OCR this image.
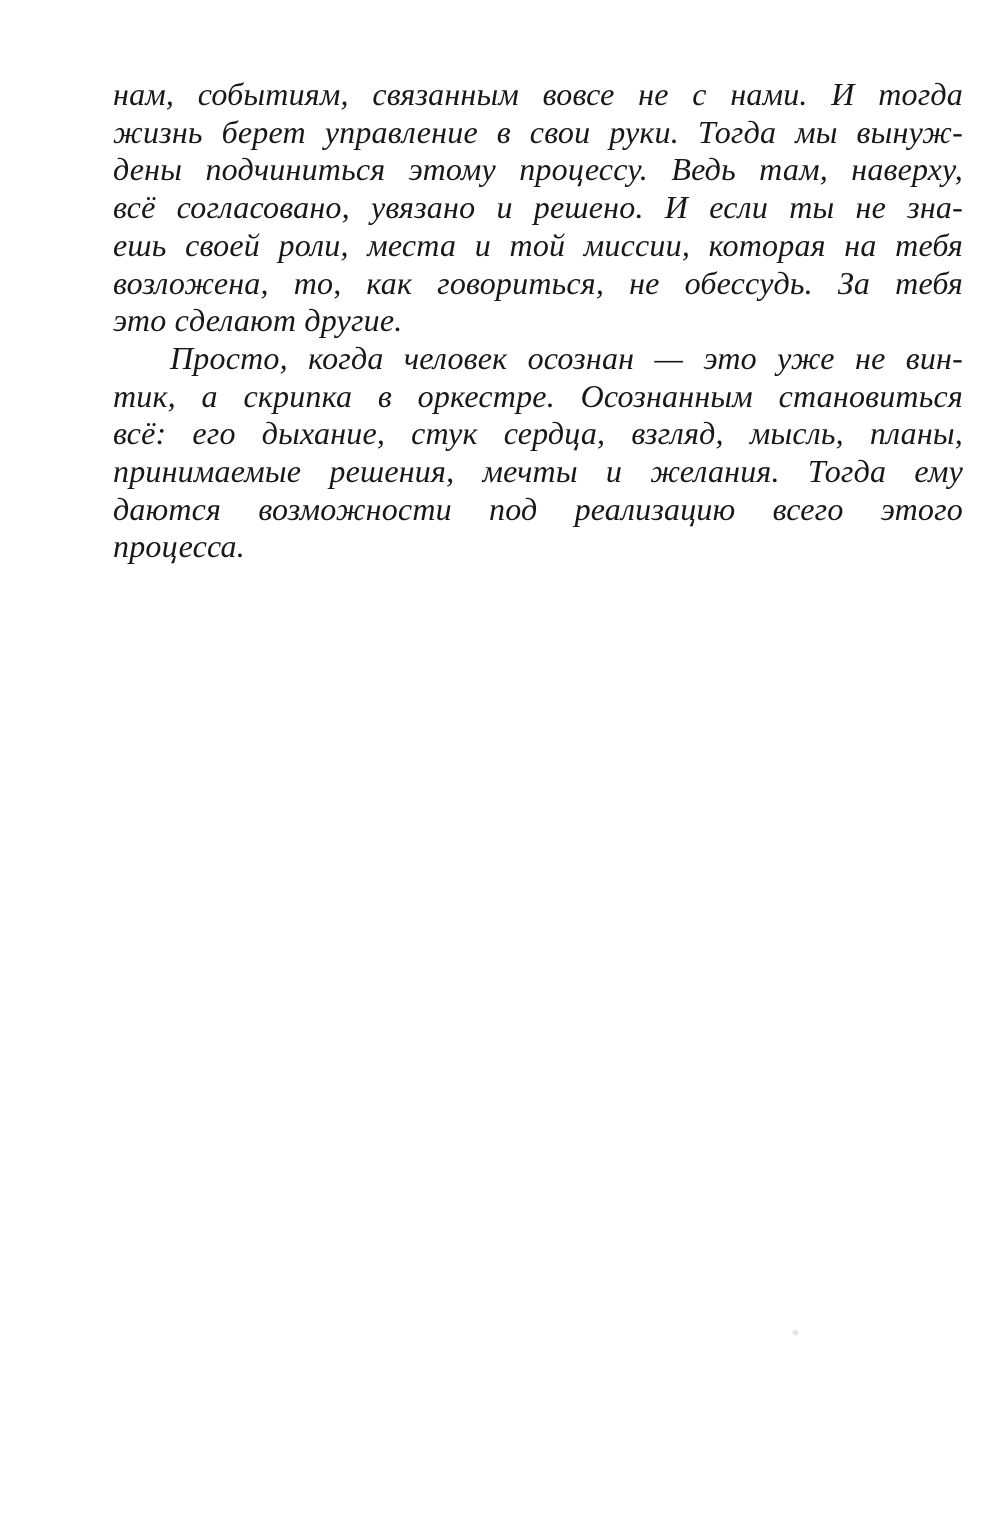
нам, событиям, связанным вовсе не с нами. И тогда
жизнь берет управление в свои руки. Тогда мы вынуж-
дены подчиниться этому процессу. Ведь там, наверху,
всё согласовано, увязано и решено. И если ты не зна-
ешь своей роли, места и той миссии, которая на тебя
возложена, то, как говориться, не обессудь. За тебя
это сделают другие.
Просто, когда человек осознан — это уже не вин-
тик, а скрипка в оркестре. Осознанным становиться
всё: его дыхание, стук сердца, взгляд, мысль, планы,
принимаемые решения, мечты и желания. Тогда ему
даются возможности под реализацию всего этого
процесса.
